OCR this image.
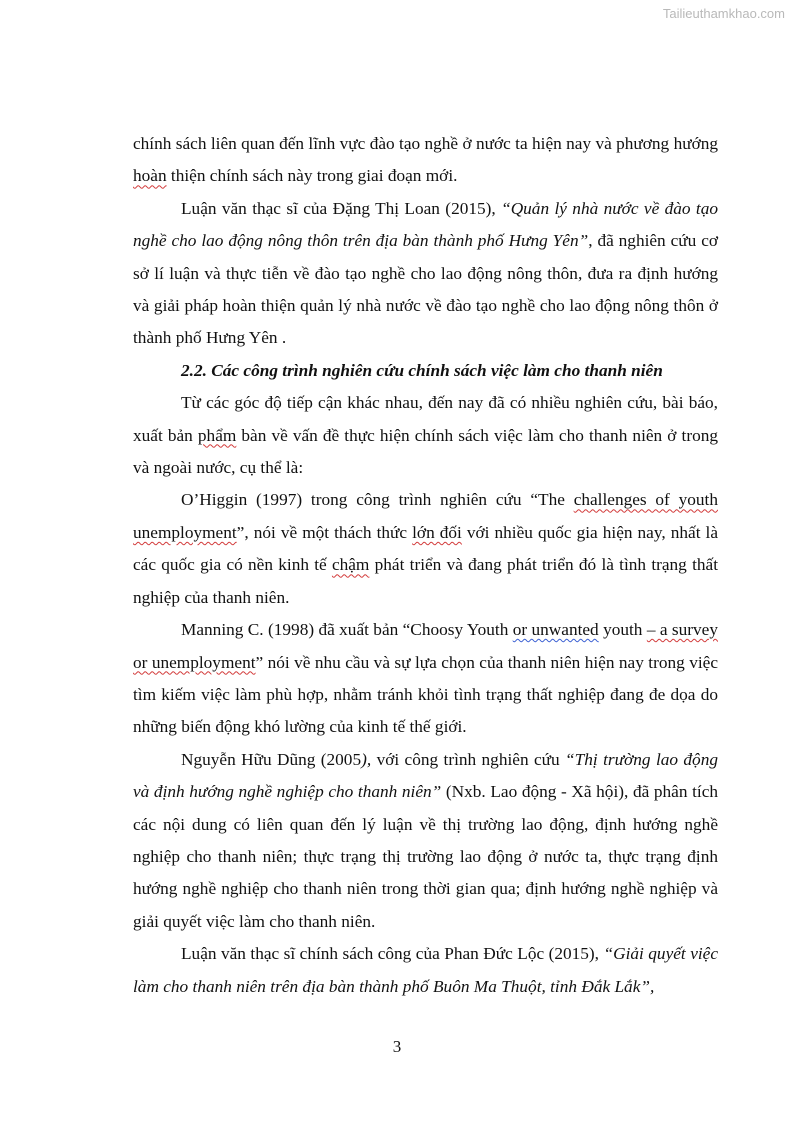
Tailieuthamkhao.com

chính sách liên quan đến lĩnh vực đào tạo nghề ở nước ta hiện nay và phương hướng hoàn thiện chính sách này trong giai đoạn mới.

Luận văn thạc sĩ của Đặng Thị Loan (2015), “Quản lý nhà nước về đào tạo nghề cho lao động nông thôn trên địa bàn thành phố Hưng Yên”, đã nghiên cứu cơ sở lí luận và thực tiễn về đào tạo nghề cho lao động nông thôn, đưa ra định hướng và giải pháp hoàn thiện quản lý nhà nước về đào tạo nghề cho lao động nông thôn ở thành phố Hưng Yên .

2.2. Các công trình nghiên cứu chính sách việc làm cho thanh niên

Từ các góc độ tiếp cận khác nhau, đến nay đã có nhiều nghiên cứu, bài báo, xuất bản phẩm bàn về vấn đề thực hiện chính sách việc làm cho thanh niên ở trong và ngoài nước, cụ thể là:

O’Higgin (1997) trong công trình nghiên cứu “The challenges of youth unemployment”, nói về một thách thức lớn đối với nhiều quốc gia hiện nay, nhất là các quốc gia có nền kinh tế chậm phát triển và đang phát triển đó là tình trạng thất nghiệp của thanh niên.

Manning C. (1998) đã xuất bản “Choosy Youth or unwanted youth – a survey or unemployment” nói về nhu cầu và sự lựa chọn của thanh niên hiện nay trong việc tìm kiếm việc làm phù hợp, nhằm tránh khỏi tình trạng thất nghiệp đang đe dọa do những biến động khó lường của kinh tế thế giới.

Nguyễn Hữu Dũng (2005), với công trình nghiên cứu “Thị trường lao động và định hướng nghề nghiệp cho thanh niên” (Nxb. Lao động - Xã hội), đã phân tích các nội dung có liên quan đến lý luận về thị trường lao động, định hướng nghề nghiệp cho thanh niên; thực trạng thị trường lao động ở nước ta, thực trạng định hướng nghề nghiệp cho thanh niên trong thời gian qua; định hướng nghề nghiệp và giải quyết việc làm cho thanh niên.

Luận văn thạc sĩ chính sách công của Phan Đức Lộc (2015), “Giải quyết việc làm cho thanh niên trên địa bàn thành phố Buôn Ma Thuột, tỉnh Đắk Lắk”,

3
